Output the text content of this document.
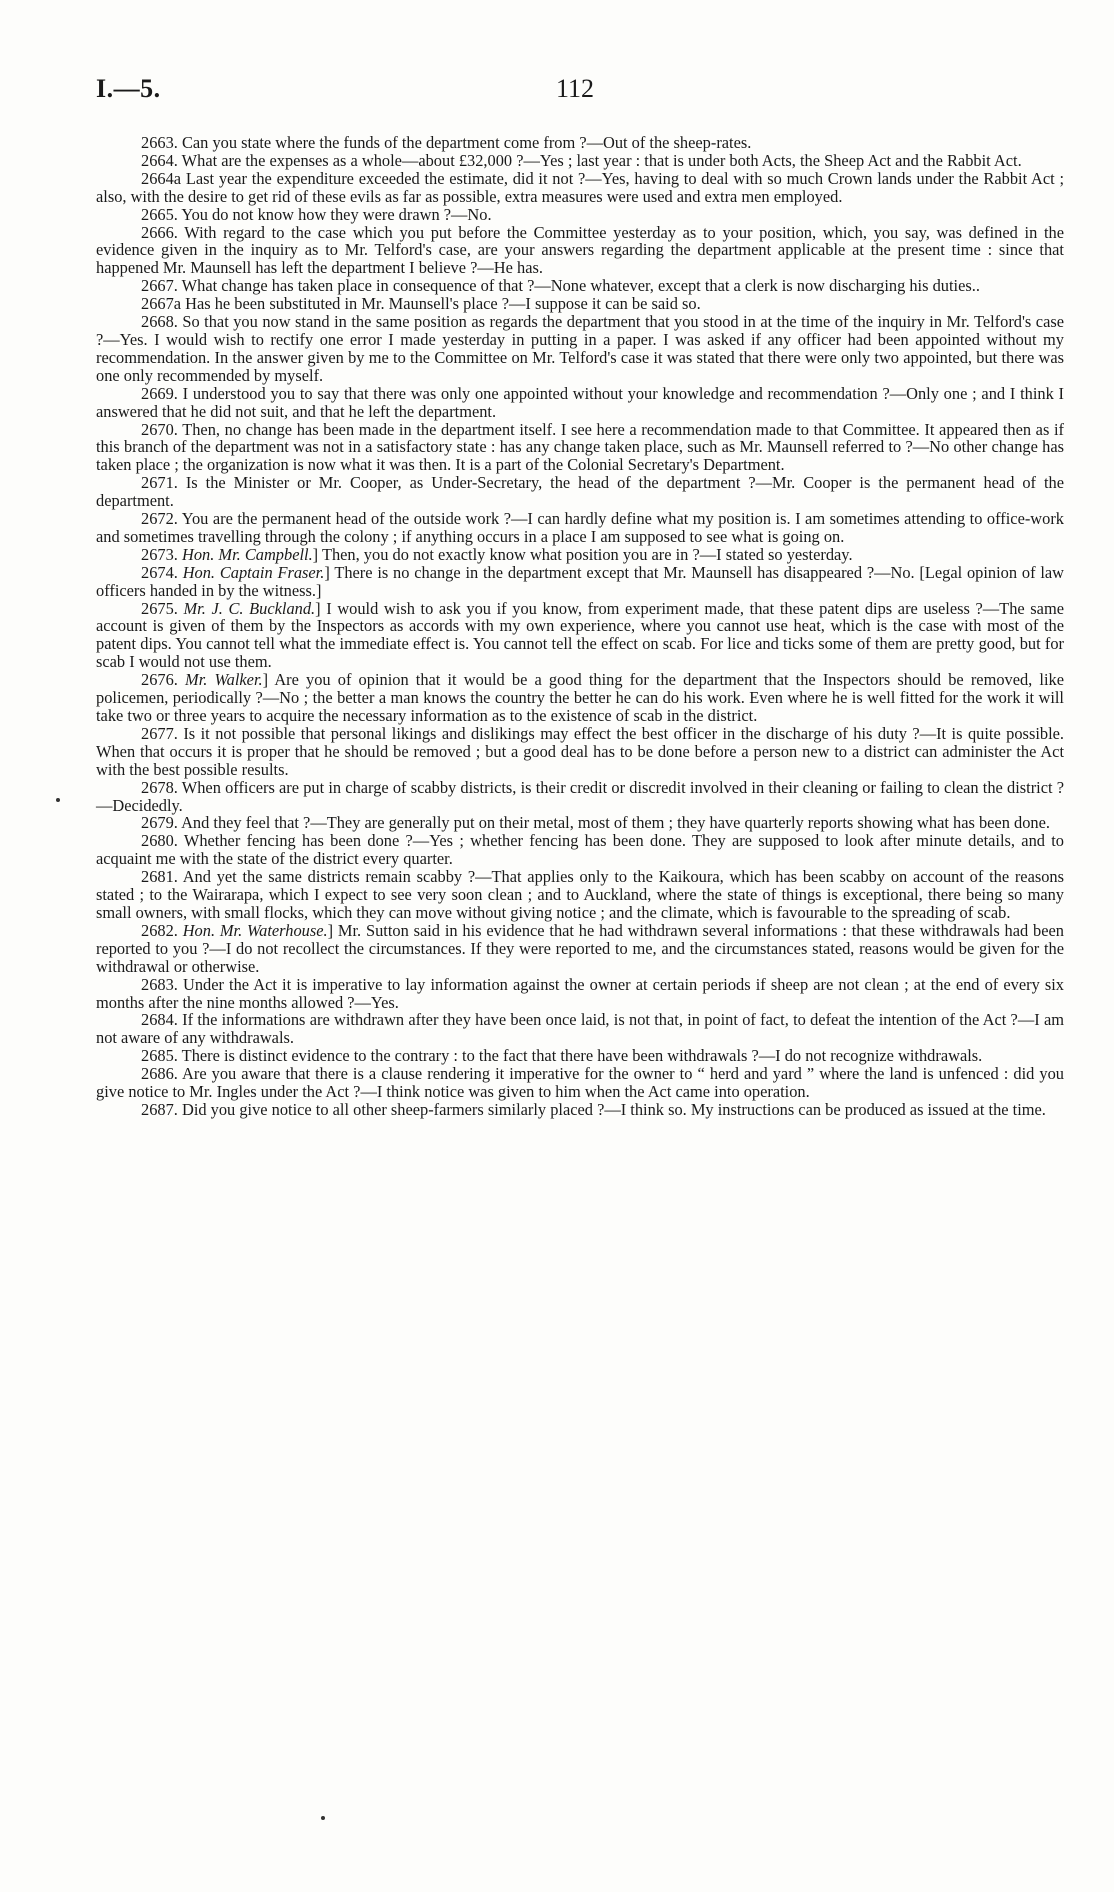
I.—5.	112

2663. Can you state where the funds of the department come from ?—Out of the sheep-rates.

2664. What are the expenses as a whole—about £32,000 ?—Yes ; last year : that is under both Acts, the Sheep Act and the Rabbit Act.

2664a Last year the expenditure exceeded the estimate, did it not ?—Yes, having to deal with so much Crown lands under the Rabbit Act ; also, with the desire to get rid of these evils as far as possible, extra measures were used and extra men employed.

2665. You do not know how they were drawn ?—No.

2666. With regard to the case which you put before the Committee yesterday as to your position, which, you say, was defined in the evidence given in the inquiry as to Mr. Telford's case, are your answers regarding the department applicable at the present time : since that happened Mr. Maunsell has left the department I believe ?—He has.

2667. What change has taken place in consequence of that ?—None whatever, except that a clerk is now discharging his duties..

2667a Has he been substituted in Mr. Maunsell's place ?—I suppose it can be said so.

2668. So that you now stand in the same position as regards the department that you stood in at the time of the inquiry in Mr. Telford's case ?—Yes. I would wish to rectify one error I made yesterday in putting in a paper. I was asked if any officer had been appointed without my recommendation. In the answer given by me to the Committee on Mr. Telford's case it was stated that there were only two appointed, but there was one only recommended by myself.

2669. I understood you to say that there was only one appointed without your knowledge and recommendation ?—Only one ; and I think I answered that he did not suit, and that he left the department.

2670. Then, no change has been made in the department itself. I see here a recommendation made to that Committee. It appeared then as if this branch of the department was not in a satisfactory state : has any change taken place, such as Mr. Maunsell referred to ?—No other change has taken place ; the organization is now what it was then. It is a part of the Colonial Secretary's Department.

2671. Is the Minister or Mr. Cooper, as Under-Secretary, the head of the department ?—Mr. Cooper is the permanent head of the department.

2672. You are the permanent head of the outside work ?—I can hardly define what my position is. I am sometimes attending to office-work and sometimes travelling through the colony ; if anything occurs in a place I am supposed to see what is going on.

2673. Hon. Mr. Campbell.] Then, you do not exactly know what position you are in ?—I stated so yesterday.

2674. Hon. Captain Fraser.] There is no change in the department except that Mr. Maunsell has disappeared ?—No. [Legal opinion of law officers handed in by the witness.]

2675. Mr. J. C. Buckland.] I would wish to ask you if you know, from experiment made, that these patent dips are useless ?—The same account is given of them by the Inspectors as accords with my own experience, where you cannot use heat, which is the case with most of the patent dips. You cannot tell what the immediate effect is. You cannot tell the effect on scab. For lice and ticks some of them are pretty good, but for scab I would not use them.

2676. Mr. Walker.] Are you of opinion that it would be a good thing for the department that the Inspectors should be removed, like policemen, periodically ?—No ; the better a man knows the country the better he can do his work. Even where he is well fitted for the work it will take two or three years to acquire the necessary information as to the existence of scab in the district.

2677. Is it not possible that personal likings and dislikings may effect the best officer in the discharge of his duty ?—It is quite possible. When that occurs it is proper that he should be removed ; but a good deal has to be done before a person new to a district can administer the Act with the best possible results.

2678. When officers are put in charge of scabby districts, is their credit or discredit involved in their cleaning or failing to clean the district ?—Decidedly.

2679. And they feel that ?—They are generally put on their metal, most of them ; they have quarterly reports showing what has been done.

2680. Whether fencing has been done ?—Yes ; whether fencing has been done. They are supposed to look after minute details, and to acquaint me with the state of the district every quarter.

2681. And yet the same districts remain scabby ?—That applies only to the Kaikoura, which has been scabby on account of the reasons stated ; to the Wairarapa, which I expect to see very soon clean ; and to Auckland, where the state of things is exceptional, there being so many small owners, with small flocks, which they can move without giving notice ; and the climate, which is favourable to the spreading of scab.

2682. Hon. Mr. Waterhouse.] Mr. Sutton said in his evidence that he had withdrawn several informations : that these withdrawals had been reported to you ?—I do not recollect the circumstances. If they were reported to me, and the circumstances stated, reasons would be given for the withdrawal or otherwise.

2683. Under the Act it is imperative to lay information against the owner at certain periods if sheep are not clean ; at the end of every six months after the nine months allowed ?—Yes.

2684. If the informations are withdrawn after they have been once laid, is not that, in point of fact, to defeat the intention of the Act ?—I am not aware of any withdrawals.

2685. There is distinct evidence to the contrary : to the fact that there have been withdrawals ?—I do not recognize withdrawals.

2686. Are you aware that there is a clause rendering it imperative for the owner to “ herd and yard ” where the land is unfenced : did you give notice to Mr. Ingles under the Act ?—I think notice was given to him when the Act came into operation.

2687. Did you give notice to all other sheep-farmers similarly placed ?—I think so. My instructions can be produced as issued at the time.
